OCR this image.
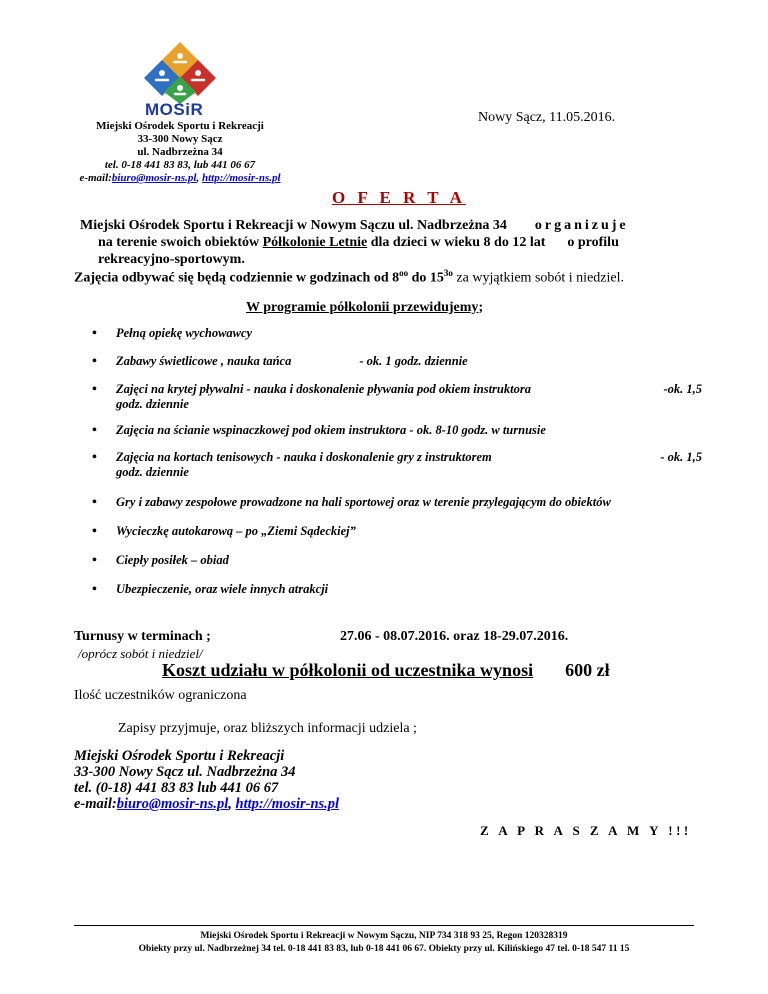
MOSiR
Miejski Ośrodek Sportu i Rekreacji
33-300 Nowy Sącz
ul. Nadbrzeżna 34
tel. 0-18 441 83 83, lub 441 06 67
e-mail:biuro@mosir-ns.pl, http://mosir-ns.pl
Nowy Sącz, 11.05.2016.
O F E R T A
Miejski Ośrodek Sportu i Rekreacji w Nowym Sączu ul. Nadbrzeżna 34 organizuje
na terenie swoich obiektów Półkolonie Letnie dla dzieci w wieku 8 do 12 lat o profilu
rekreacyjno-sportowym.
Zajęcia odbywać się będą codziennie w godzinach od $8^{oo}$ do $15^{3o}$ za wyjątkiem sobót i niedziel.
W programie półkolonii przewidujemy;
• Pełną opiekę wychowawcy
• Zabawy świetlicowe , nauka tańca	- ok. 1 godz. dziennie
• Zajęci na krytej pływalni - nauka i doskonalenie pływania pod okiem instruktora	-ok. 1,5
godz. dziennie
• Zajęcia na ścianie wspinaczkowej pod okiem instruktora - ok. 8-10 godz. w turnusie
• Zajęcia na kortach tenisowych - nauka i doskonalenie gry z instruktorem	- ok. 1,5
godz. dziennie
• Gry i zabawy zespołowe prowadzone na hali sportowej oraz w terenie przylegającym do obiektów
• Wycieczkę autokarową – po „Ziemi Sądeckiej”
• Ciepły posiłek – obiad
• Ubezpieczenie, oraz wiele innych atrakcji
Turnusy w terminach ;	27.06 - 08.07.2016. oraz 18-29.07.2016.
/oprócz sobót i niedziel/
Koszt udziału w półkolonii od uczestnika wynosi 600 zł
Ilość uczestników ograniczona
Zapisy przyjmuje, oraz bliższych informacji udziela ;
Miejski Ośrodek Sportu i Rekreacji
33-300 Nowy Sącz ul. Nadbrzeżna 34
tel. (0-18) 441 83 83 lub 441 06 67
e-mail:biuro@mosir-ns.pl, http://mosir-ns.pl
Z A P R A S Z A M Y !!!
Miejski Ośrodek Sportu i Rekreacji w Nowym Sączu, NIP 734 318 93 25, Regon 120328319
Obiekty przy ul. Nadbrzeżnej 34 tel. 0-18 441 83 83, lub 0-18 441 06 67. Obiekty przy ul. Kilińskiego 47 tel. 0-18 547 11 15
